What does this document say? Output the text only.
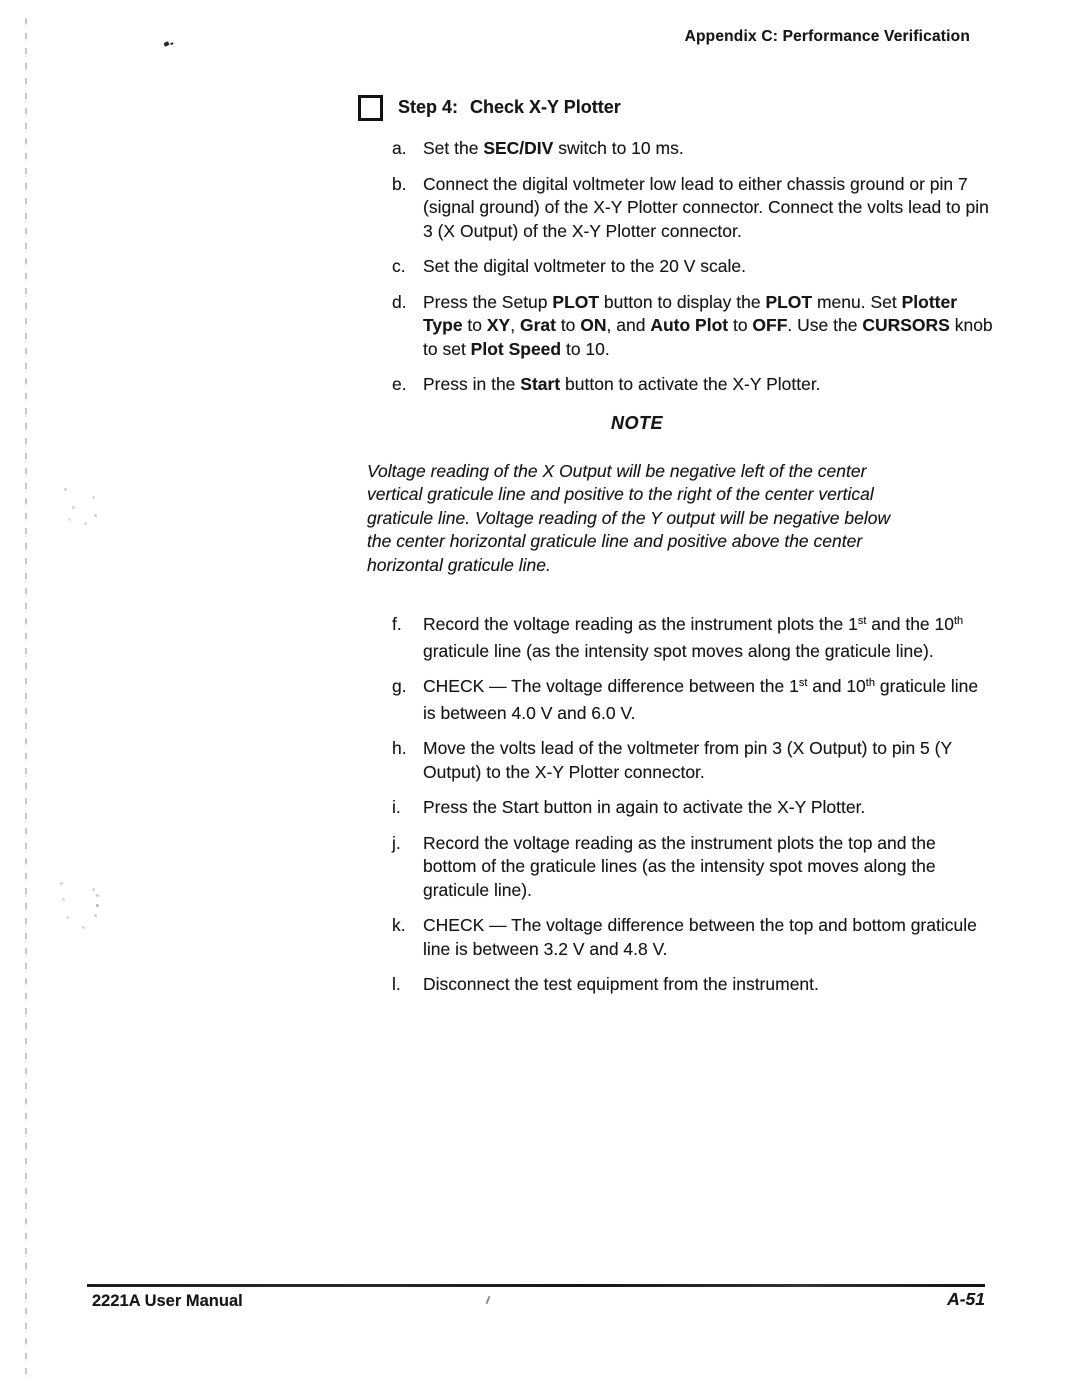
Appendix C: Performance Verification
Step 4: Check X-Y Plotter
a. Set the SEC/DIV switch to 10 ms.
b. Connect the digital voltmeter low lead to either chassis ground or pin 7 (signal ground) of the X-Y Plotter connector. Connect the volts lead to pin 3 (X Output) of the X-Y Plotter connector.
c. Set the digital voltmeter to the 20 V scale.
d. Press the Setup PLOT button to display the PLOT menu. Set Plotter Type to XY, Grat to ON, and Auto Plot to OFF. Use the CURSORS knob to set Plot Speed to 10.
e. Press in the Start button to activate the X-Y Plotter.
NOTE
Voltage reading of the X Output will be negative left of the center vertical graticule line and positive to the right of the center vertical graticule line. Voltage reading of the Y output will be negative below the center horizontal graticule line and positive above the center horizontal graticule line.
f. Record the voltage reading as the instrument plots the 1st and the 10th graticule line (as the intensity spot moves along the graticule line).
g. CHECK — The voltage difference between the 1st and 10th graticule line is between 4.0 V and 6.0 V.
h. Move the volts lead of the voltmeter from pin 3 (X Output) to pin 5 (Y Output) to the X-Y Plotter connector.
i. Press the Start button in again to activate the X-Y Plotter.
j. Record the voltage reading as the instrument plots the top and the bottom of the graticule lines (as the intensity spot moves along the graticule line).
k. CHECK — The voltage difference between the top and bottom graticule line is between 3.2 V and 4.8 V.
l. Disconnect the test equipment from the instrument.
2221A User Manual	A-51
